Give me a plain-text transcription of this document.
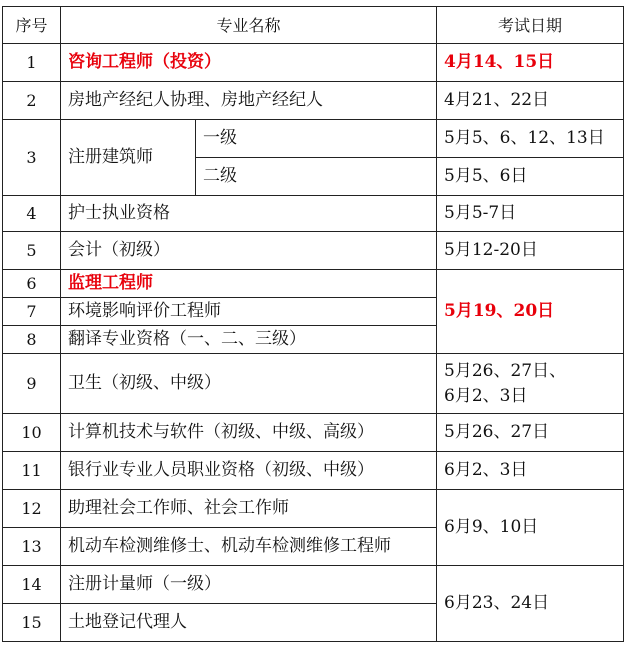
序号	专业名称		考试日期
1	咨询工程师（投资）		4月14、15日
2	房地产经纪人协理、房地产经纪人		4月21、22日
3	注册建筑师	一级	5月5、6、12、13日
		二级	5月5、6日
4	护士执业资格		5月5-7日
5	会计（初级）		5月12-20日
6	监理工程师		5月19、20日
7	环境影响评价工程师		
8	翻译专业资格（一、二、三级）		
9	卫生（初级、中级）		5月26、27日、
6月2、3日

10	计算机技术与软件（初级、中级、高级）		5月26、27日
11	银行业专业人员职业资格（初级、中级）		6月2、3日
12	助理社会工作师、社会工作师		6月9、10日
13	机动车检测维修士、机动车检测维修工程师		
14	注册计量师（一级）		6月23、24日
15	土地登记代理人		
